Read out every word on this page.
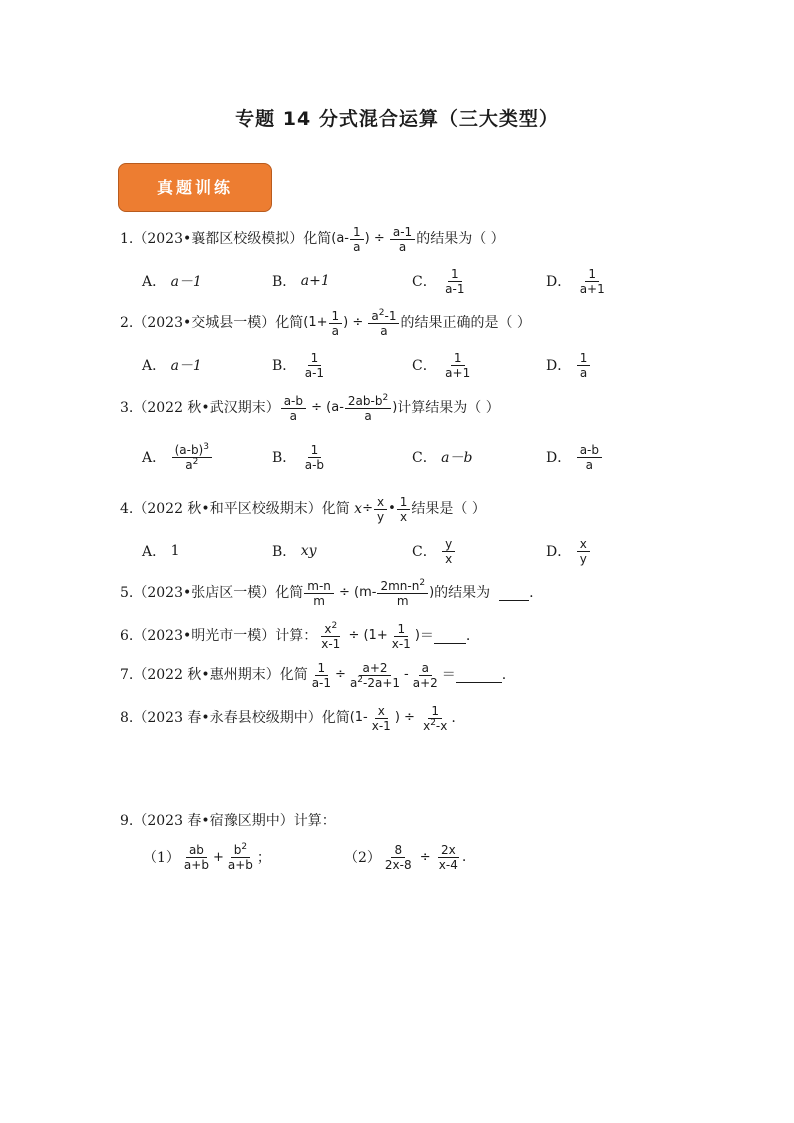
专题 14 分式混合运算（三大类型）
真题训练
1.（2023•襄都区校级模拟）化简 ($a- \frac{1}{a}$ ) ÷ $\frac{a-1}{a}$ 的结果为（ ）
A．
a－1	B．
a+1	C．
$\frac{1}{a-1}$	D．
$\frac{1}{a+1}$
2.（2023•交城县一模）化简 ($1+ \frac{1}{a}$ ) ÷ $\frac{a^2-1}{a}$ 的结果正确的是（ ）
A．
a－1	B．
$\frac{1}{a-1}$	C．
$\frac{1}{a+1}$	D．
$\frac{1}{a}$
3.（2022 秋•武汉期末） $\frac{a-b}{a} \div (a- \frac{2ab-b^2}{a}$ ) 计算结果为（ ）
A．
$\frac{(a-b)^3}{a^2}$	B．
$\frac{1}{a-b}$	C．
a－b	D．
$\frac{a-b}{a}$
4.（2022 秋•和平区校级期末）化简
$x \div \frac{x}{y}$ • $\frac{1}{x}$ 结果是（ ）
A．
1	B．
xy	C．
$\frac{y}{x}$	D．
$\frac{x}{y}$
5.（2023•张店区一模）化简 $\frac{m-n}{m} \div (m- \frac{2mn-n^2}{m}$ ) 的结果为
	.
6.（2023•明光市一模）计算： $\frac{x^2}{x-1} \div (1+ \frac{1}{x-1}$ ) ＝ .
7.（2022 秋•惠州期末）化简 $\frac{1}{a-1} \div \frac{a+2}{a^2-2a+1} - \frac{a}{a+2}$ ＝	.
8.（2023 春•永春县校级期中）化简 ($1- \frac{x}{x-1}$ ) ÷ $\frac{1}{x^2-x}$ .
9.（2023 春•宿豫区期中）计算：
$(1) \frac{ab}{a+b} + \frac{b^2}{a+b}$ ；	$(2) \frac{8}{2x-8} \div \frac{2x}{x-4}$ .
